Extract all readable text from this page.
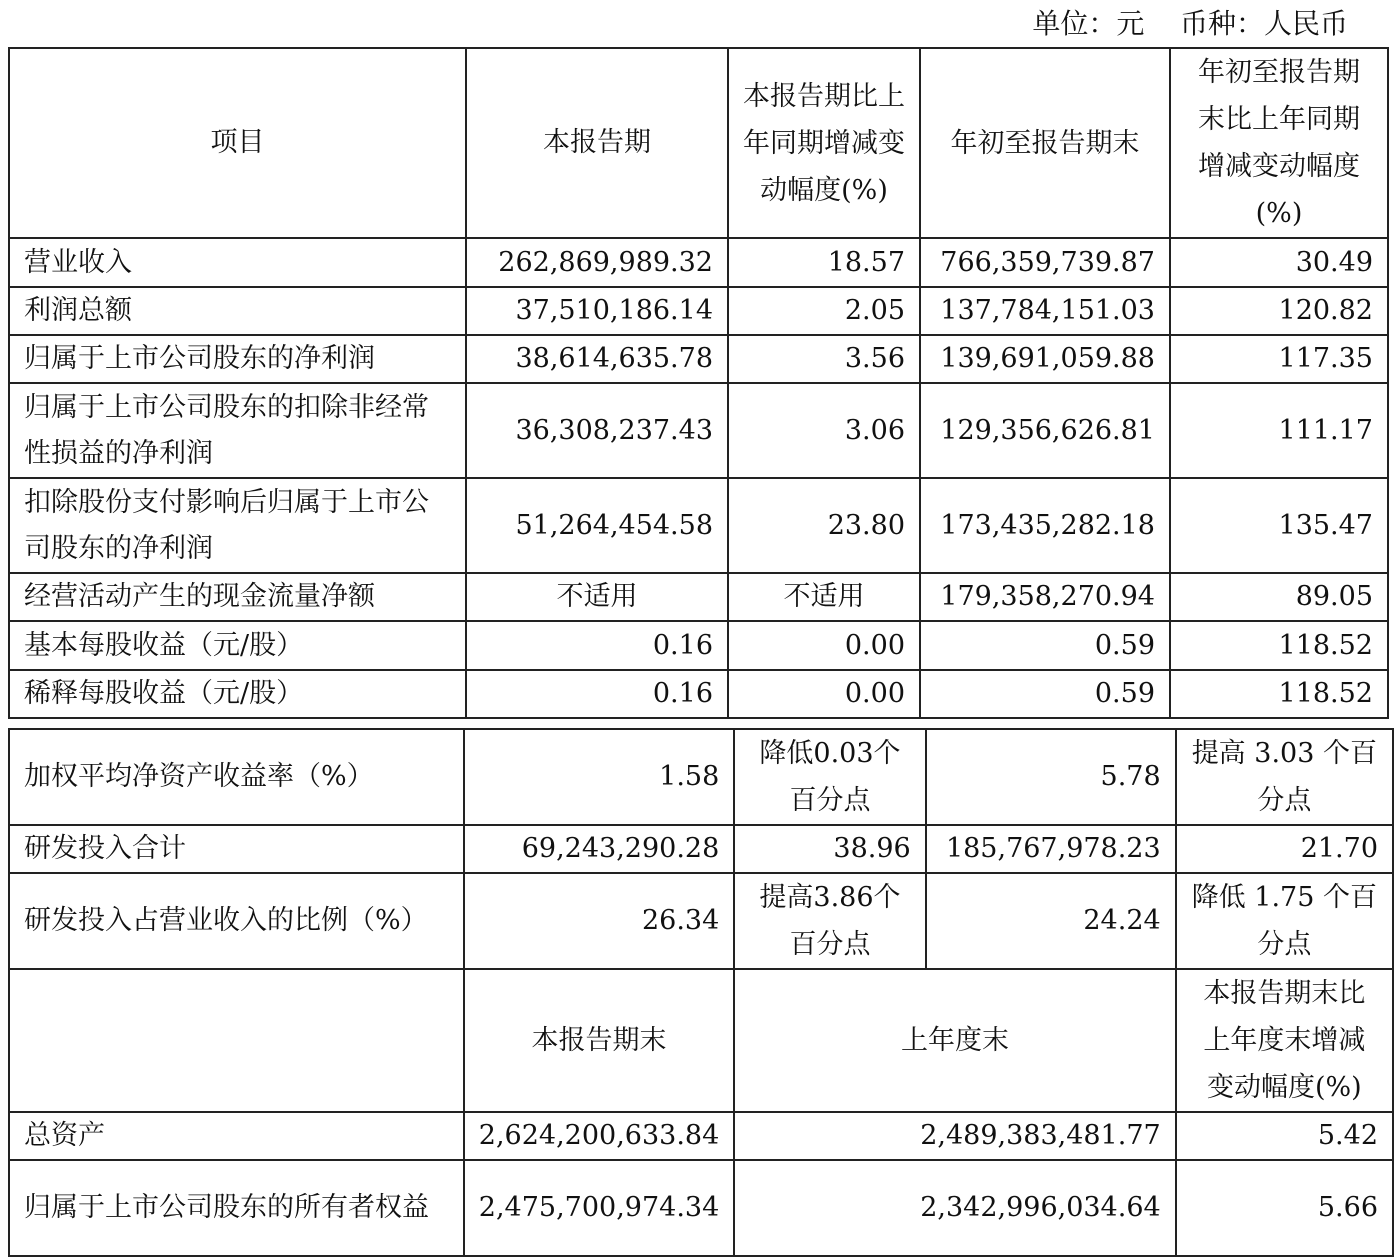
单位：元 币种：人民币
项目	本报告期	本报告期比上年同期增减变动幅度(%)	年初至报告期末	年初至报告期末比上年同期增减变动幅度(%)

营业收入	262,869,989.32	18.57	766,359,739.87	30.49
利润总额	37,510,186.14	2.05	137,784,151.03	120.82
归属于上市公司股东的净利润	38,614,635.78	3.56	139,691,059.88	117.35
归属于上市公司股东的扣除非经常性损益的净利润	36,308,237.43	3.06	129,356,626.81	111.17
扣除股份支付影响后归属于上市公司股东的净利润	51,264,454.58	23.80	173,435,282.18	135.47
经营活动产生的现金流量净额	不适用	不适用	179,358,270.94	89.05
基本每股收益（元/股）	0.16	0.00	0.59	118.52
稀释每股收益（元/股）	0.16	0.00	0.59	118.52
加权平均净资产收益率（%）	1.58	降低0.03个百分点	5.78	提高 3.03 个百分点

研发投入合计	69,243,290.28	38.96	185,767,978.23	21.70
研发投入占营业收入的比例（%）	26.34	提高3.86个百分点	24.24	降低 1.75 个百分点

	本报告期末	上年度末		本报告期末比上年度末增减变动幅度(%)

总资产	2,624,200,633.84	2,489,383,481.77		5.42
归属于上市公司股东的所有者权益	2,475,700,974.34	2,342,996,034.64		5.66
